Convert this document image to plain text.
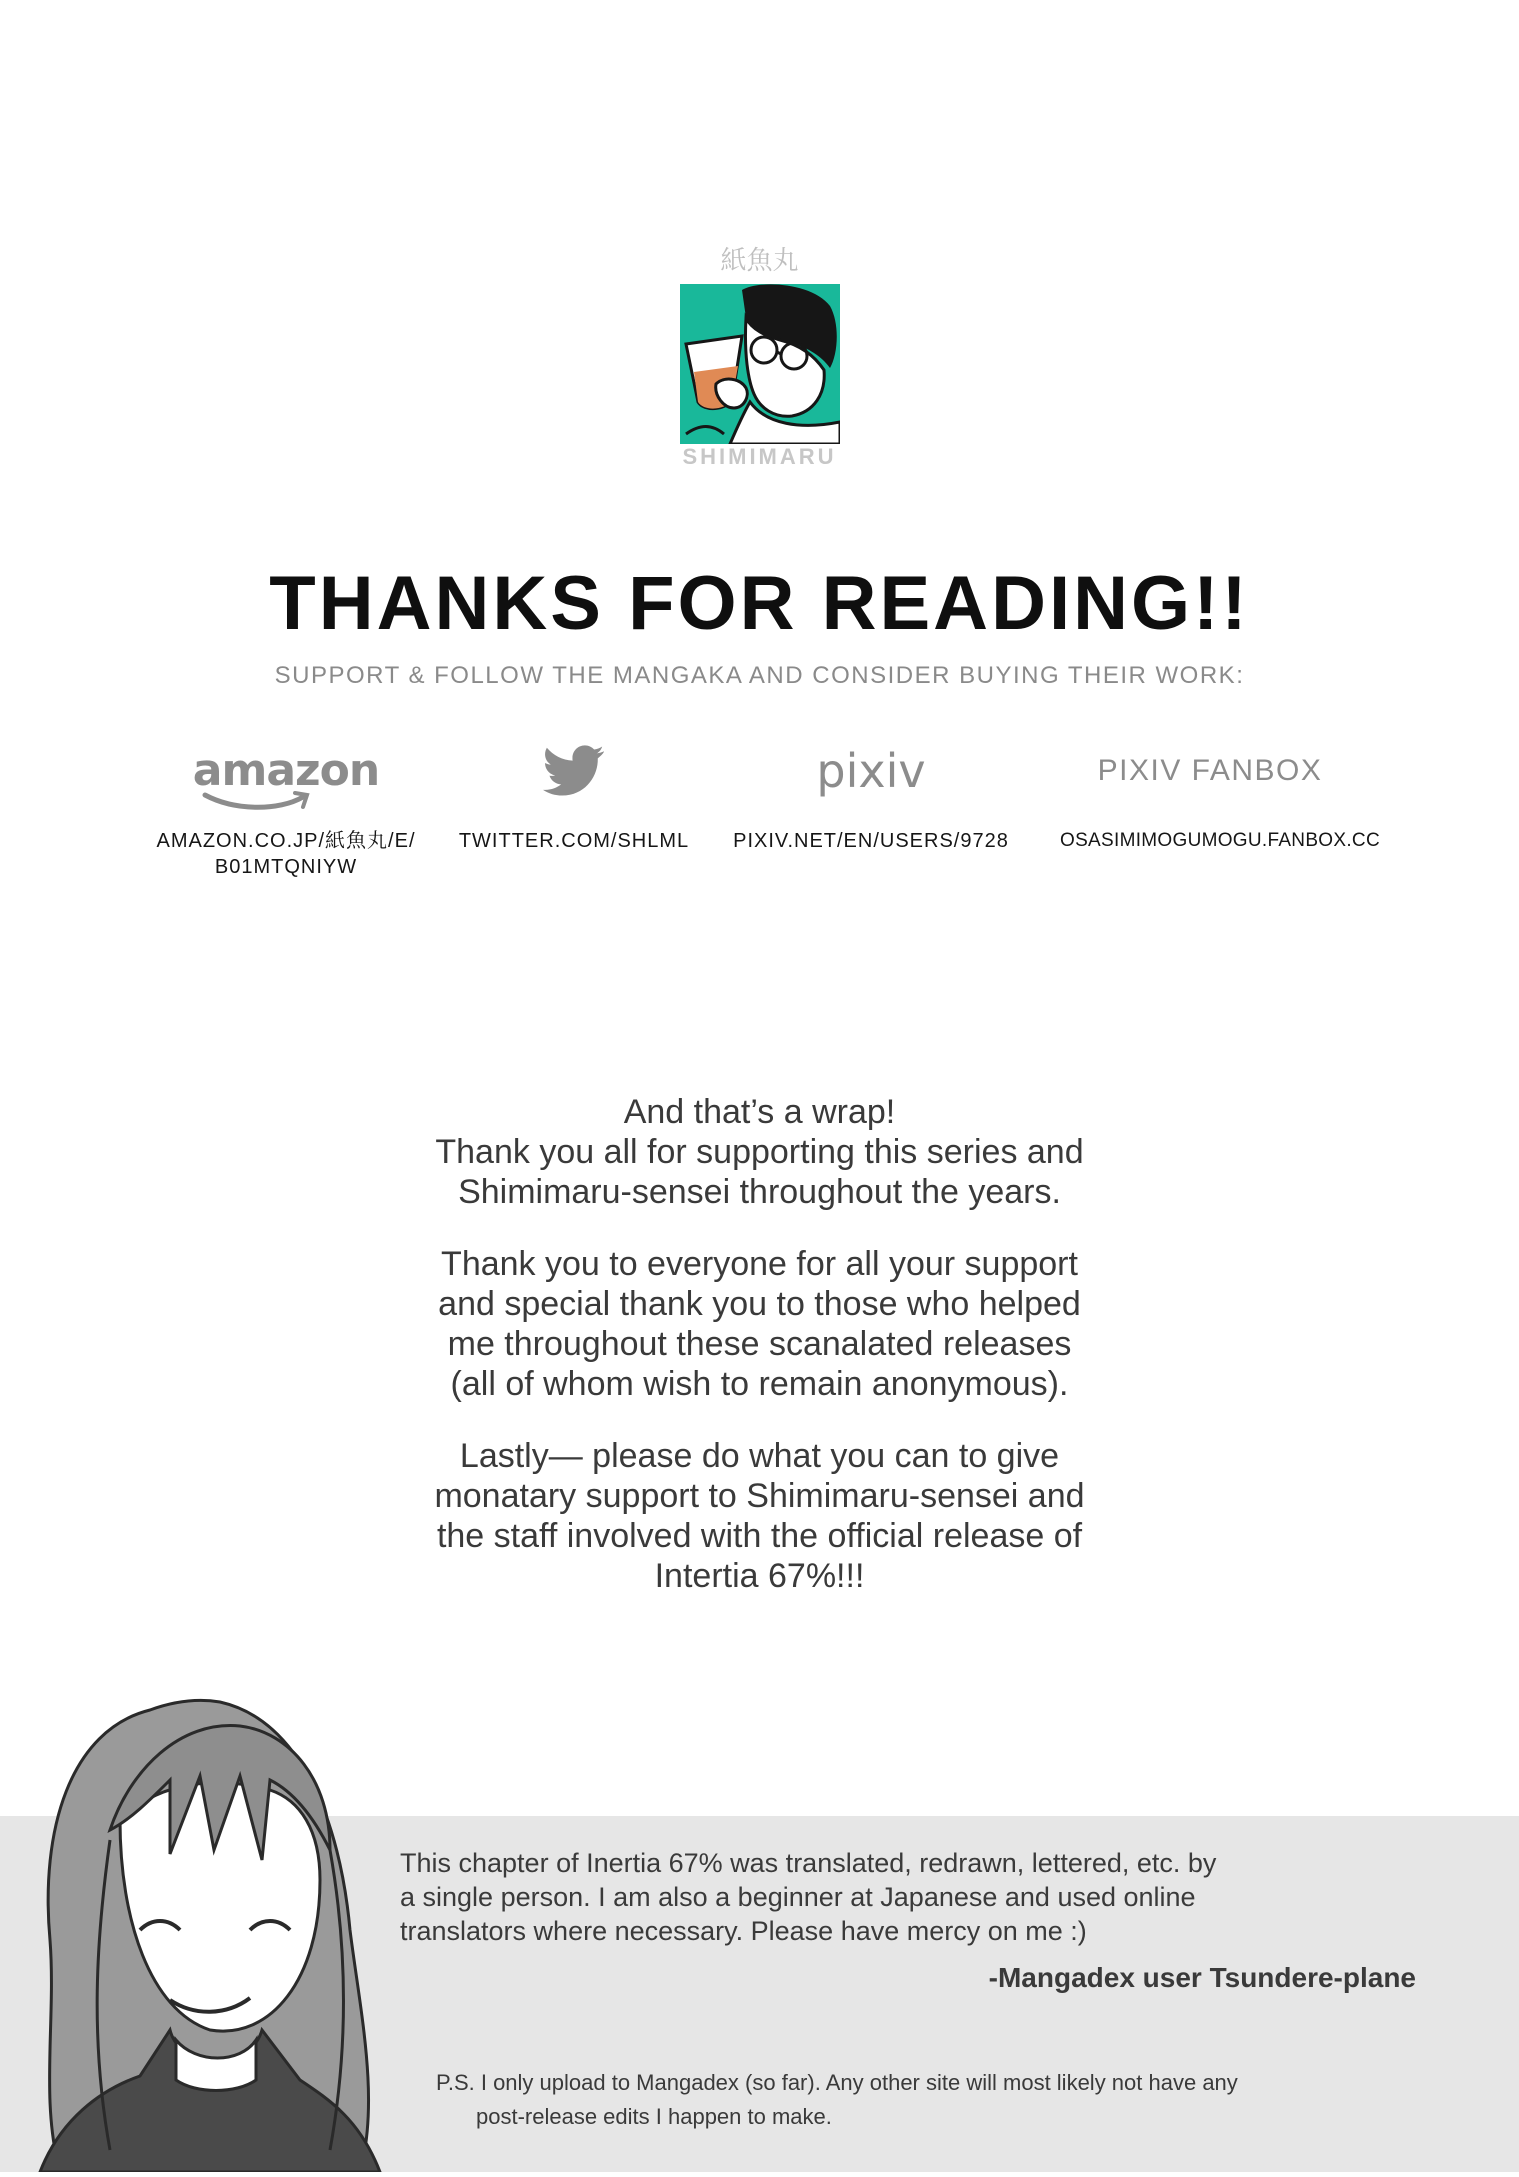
紙魚丸
SHIMIMARU
THANKS FOR READING!!
SUPPORT & FOLLOW THE MANGAKA AND CONSIDER BUYING THEIR WORK:
amazon
AMAZON.CO.JP/紙魚丸/E/
B01MTQNIYW
TWITTER.COM/SHLML
pixiv
PIXIV.NET/EN/USERS/9728
PIXIV FANBOX
OSASIMIMOGUMOGU.FANBOX.CC

And that’s a wrap!
Thank you all for supporting this series and
Shimimaru-sensei throughout the years.

Thank you to everyone for all your support
and special thank you to those who helped
me throughout these scanalated releases
(all of whom wish to remain anonymous).

Lastly— please do what you can to give
monatary support to Shimimaru-sensei and
the staff involved with the official release of
Intertia 67%!!!

This chapter of Inertia 67% was translated, redrawn, lettered, etc. by
a single person. I am also a beginner at Japanese and used online
translators where necessary. Please have mercy on me :)
-Mangadex user Tsundere-plane
P.S. I only upload to Mangadex (so far). Any other site will most likely not have any
post-release edits I happen to make.
